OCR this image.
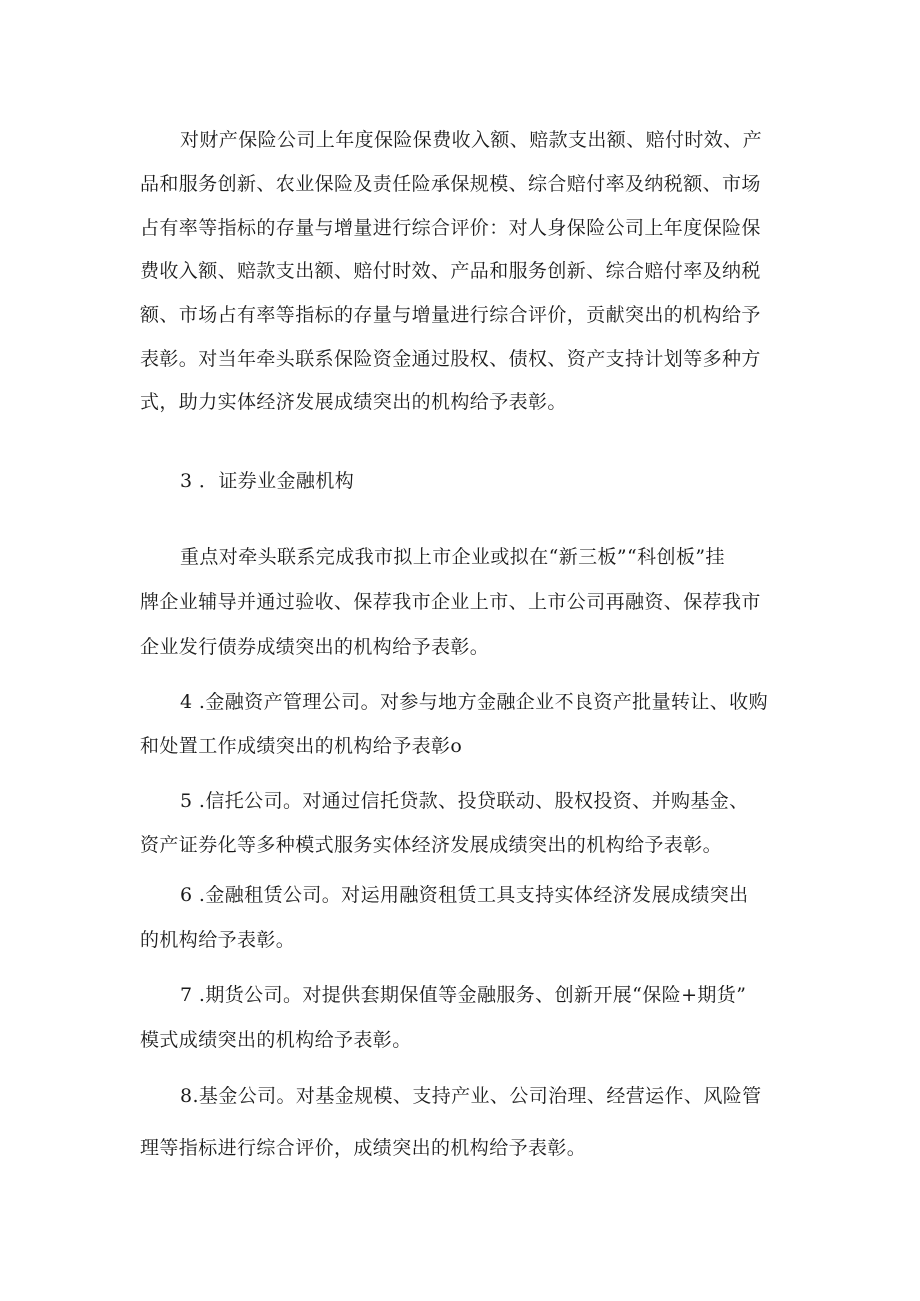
对财产保险公司上年度保险保费收入额、赔款支出额、赔付时效、产

品和服务创新、农业保险及责任险承保规模、综合赔付率及纳税额、市场

占有率等指标的存量与增量进行综合评价：对人身保险公司上年度保险保

费收入额、赔款支出额、赔付时效、产品和服务创新、综合赔付率及纳税

额、市场占有率等指标的存量与增量进行综合评价，贡献突出的机构给予

表彰。对当年牵头联系保险资金通过股权、债权、资产支持计划等多种方

式，助力实体经济发展成绩突出的机构给予表彰。

3 ．证券业金融机构

重点对牵头联系完成我市拟上市企业或拟在“新三板”“科创板”挂

牌企业辅导并通过验收、保荐我市企业上市、上市公司再融资、保荐我市

企业发行债券成绩突出的机构给予表彰。

4 .金融资产管理公司。对参与地方金融企业不良资产批量转让、收购

和处置工作成绩突出的机构给予表彰o

5 .信托公司。对通过信托贷款、投贷联动、股权投资、并购基金、

资产证券化等多种模式服务实体经济发展成绩突出的机构给予表彰。

6 .金融租赁公司。对运用融资租赁工具支持实体经济发展成绩突出

的机构给予表彰。

7 .期货公司。对提供套期保值等金融服务、创新开展“保险+期货”

模式成绩突出的机构给予表彰。

8.基金公司。对基金规模、支持产业、公司治理、经营运作、风险管

理等指标进行综合评价，成绩突出的机构给予表彰。
